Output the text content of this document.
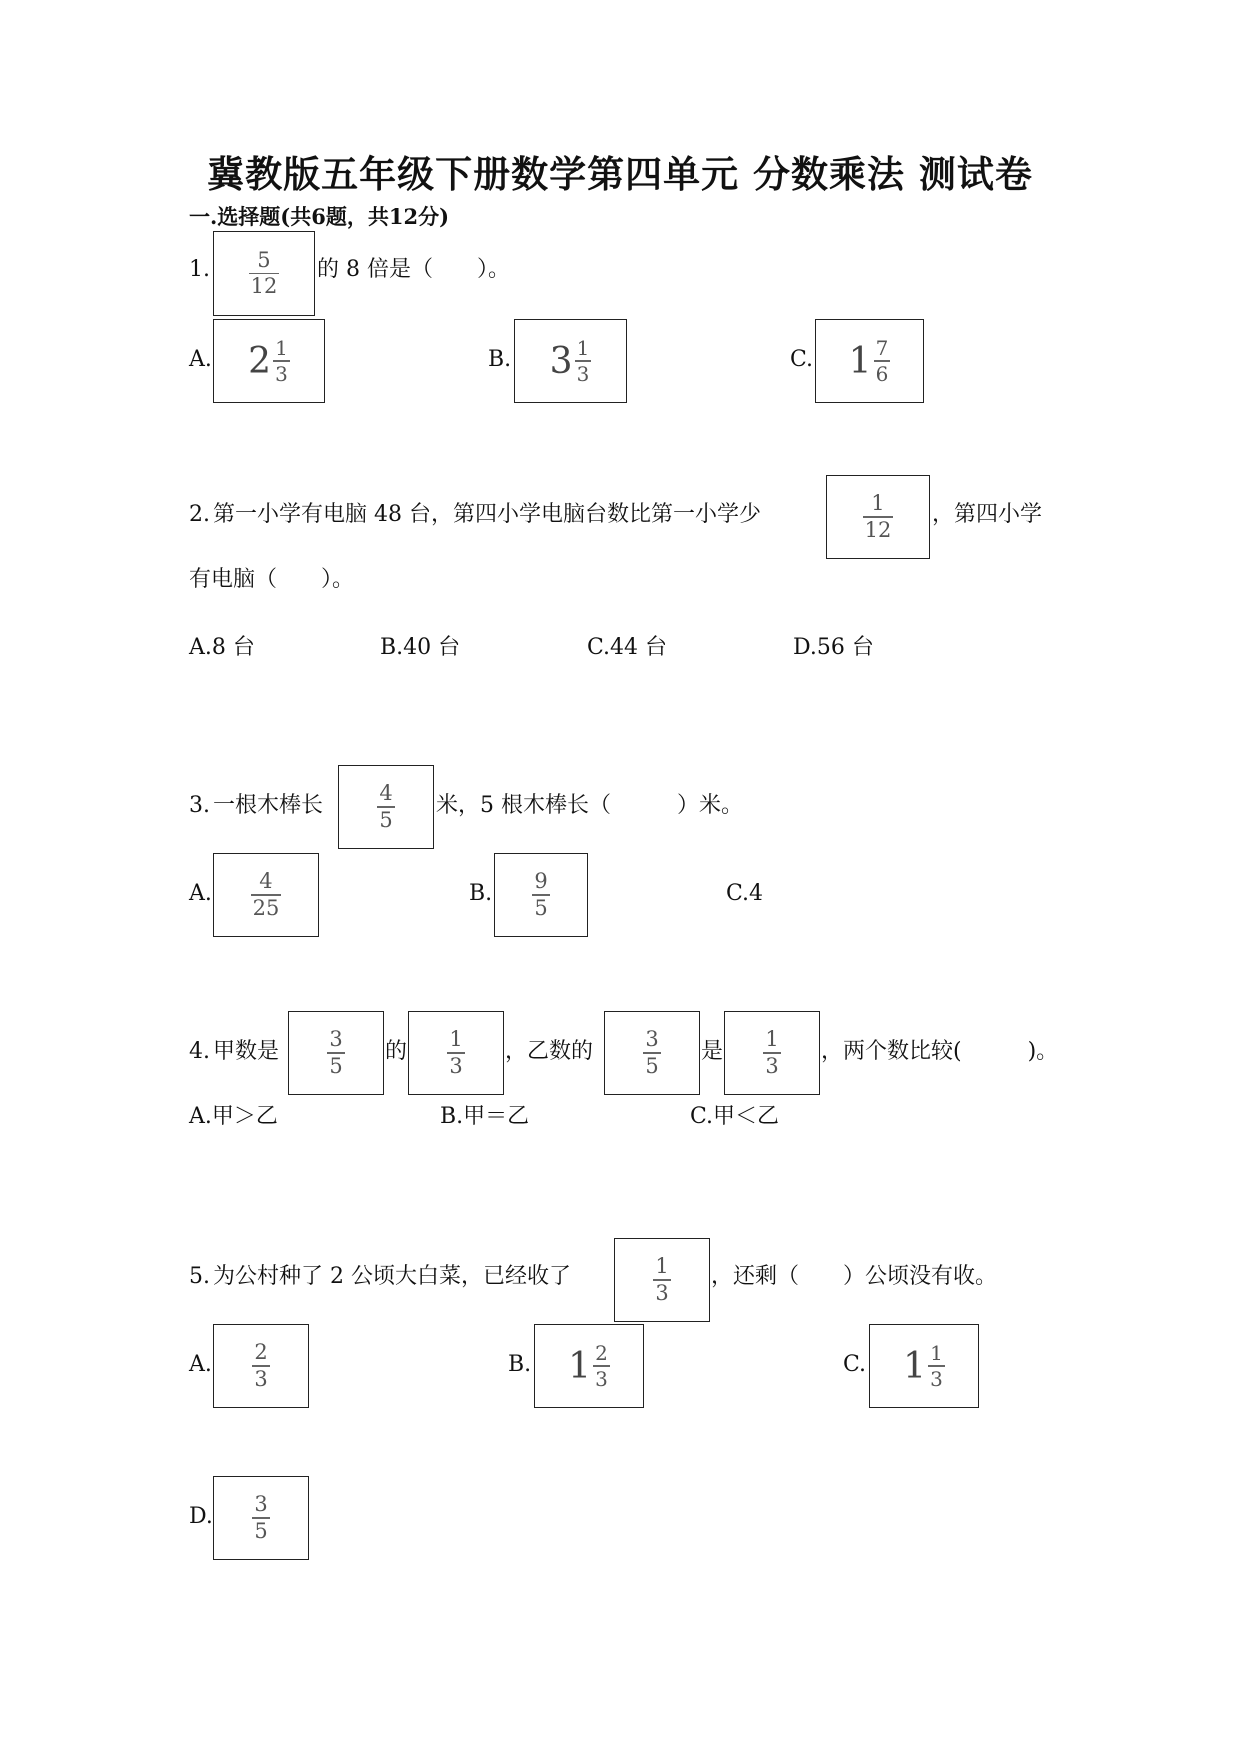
冀教版五年级下册数学第四单元 分数乘法 测试卷
一.选择题(共6题，共12分)
1. $\frac{5}{12}$ 的 8 倍是（　　）。
A. $2 \frac{1}{3}$	B. $3 \frac{1}{3}$	C. $1 \frac{7}{6}$
2. 第一小学有电脑 48 台，第四小学电脑台数比第一小学少	$\frac{1}{12}$ ，第四小学
有电脑（　　）。
A.8 台	B.40 台	C.44 台	D.56 台
3. 一根木棒长	$\frac{4}{5}$ 米，5 根木棒长（　　　）米。
A. $\frac{4}{25}$	B. $\frac{9}{5}$	C.4
4. 甲数是 $\frac{3}{5}$ 的 $\frac{1}{3}$ ，乙数的 $\frac{3}{5}$ 是 $\frac{1}{3}$ ，两个数比较(　　　)。
A.甲＞乙	B.甲＝乙	C.甲＜乙
5. 为公村种了 2 公顷大白菜，已经收了	$\frac{1}{3}$ ，还剩（　　）公顷没有收。
A. $\frac{2}{3}$	B. $1 \frac{2}{3}$	C. $1 \frac{1}{3}$
D. $\frac{3}{5}$
